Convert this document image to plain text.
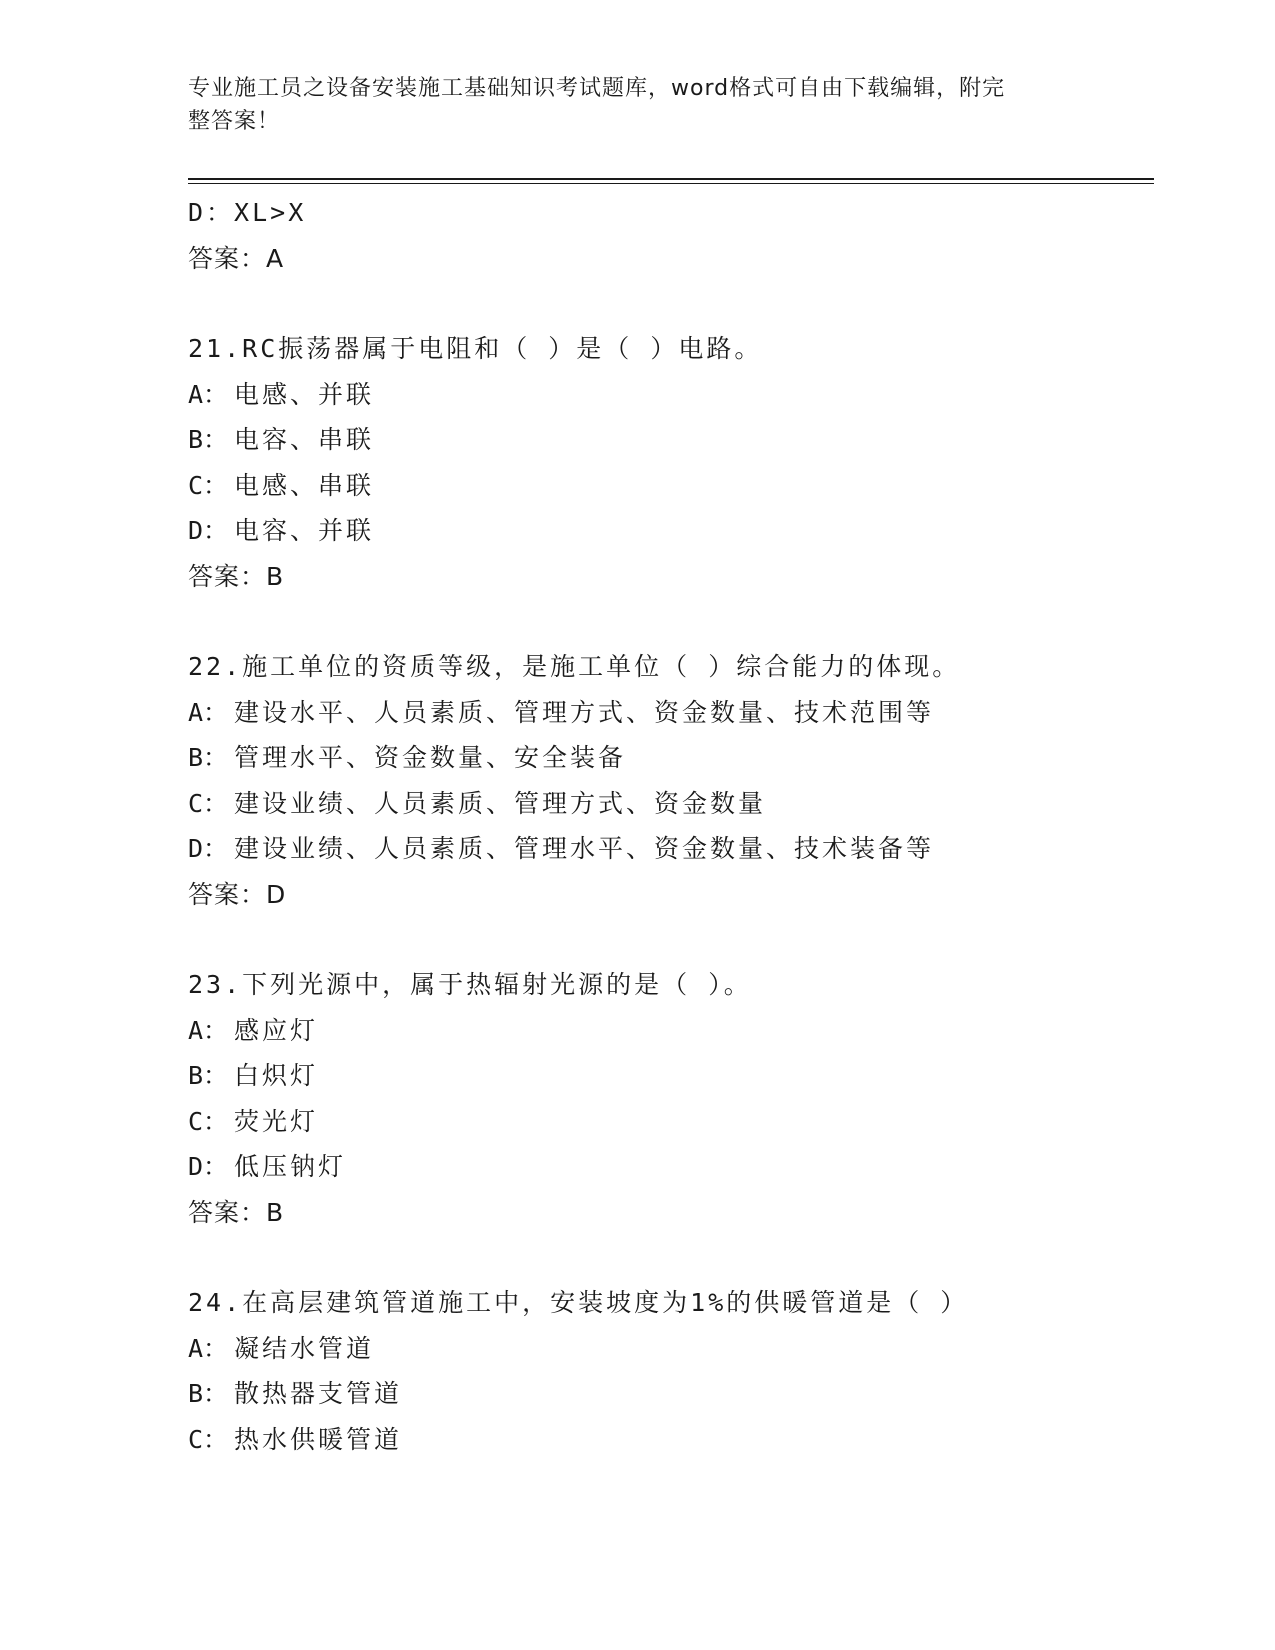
专业施工员之设备安装施工基础知识考试题库，word格式可自由下载编辑，附完
整答案！
D：XL>X
答案：A
21.RC振荡器属于电阻和（ ）是（ ）电路。
A： 电感、并联
B： 电容、串联
C： 电感、串联
D： 电容、并联
答案：B
22.施工单位的资质等级，是施工单位（ ）综合能力的体现。
A： 建设水平、人员素质、管理方式、资金数量、技术范围等
B： 管理水平、资金数量、安全装备
C： 建设业绩、人员素质、管理方式、资金数量
D： 建设业绩、人员素质、管理水平、资金数量、技术装备等
答案：D
23.下列光源中，属于热辐射光源的是（ ）。
A： 感应灯
B： 白炽灯
C： 荧光灯
D： 低压钠灯
答案：B
24.在高层建筑管道施工中，安装坡度为1%的供暖管道是（ ）
A： 凝结水管道
B： 散热器支管道
C： 热水供暖管道
